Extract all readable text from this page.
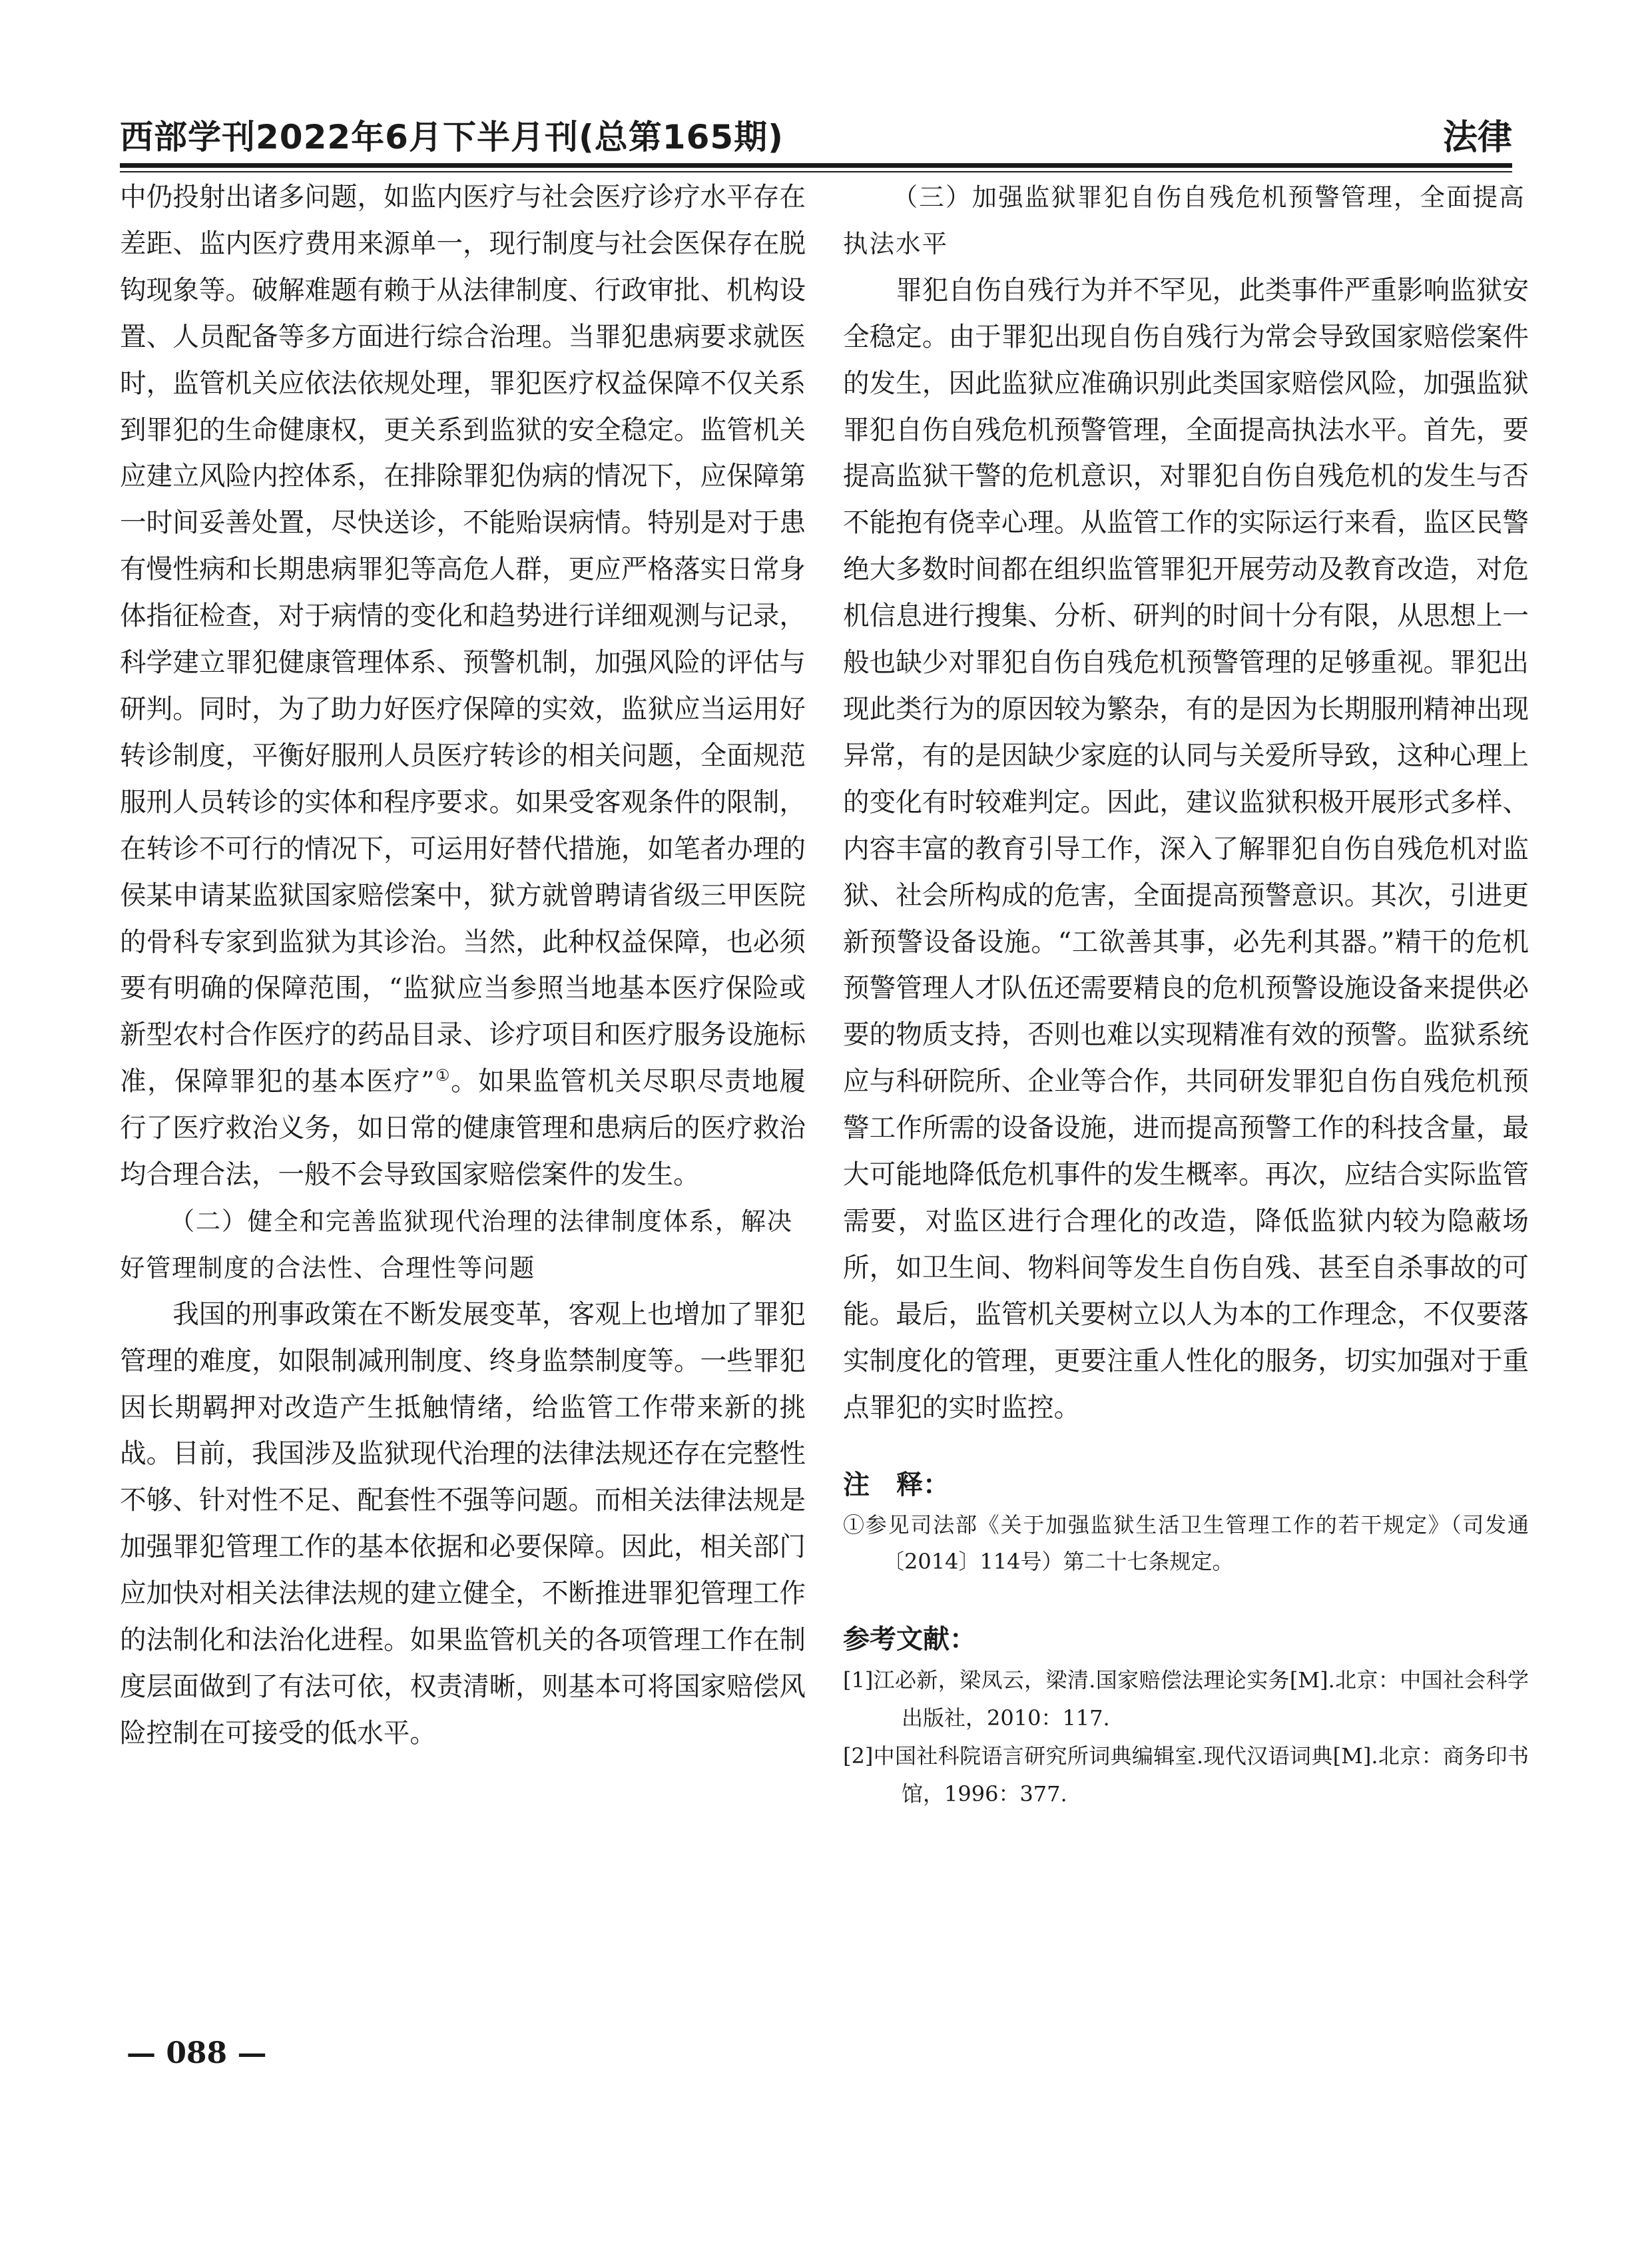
西部学刊2022年6月下半月刊(总第165期)	法律

中仍投射出诸多问题，如监内医疗与社会医疗诊疗水平存在差距、监内医疗费用来源单一，现行制度与社会医保存在脱钩现象等。破解难题有赖于从法律制度、行政审批、机构设置、人员配备等多方面进行综合治理。当罪犯患病要求就医时，监管机关应依法依规处理，罪犯医疗权益保障不仅关系到罪犯的生命健康权，更关系到监狱的安全稳定。监管机关应建立风险内控体系，在排除罪犯伪病的情况下，应保障第一时间妥善处置，尽快送诊，不能贻误病情。特别是对于患有慢性病和长期患病罪犯等高危人群，更应严格落实日常身体指征检查，对于病情的变化和趋势进行详细观测与记录，科学建立罪犯健康管理体系、预警机制，加强风险的评估与研判。同时，为了助力好医疗保障的实效，监狱应当运用好转诊制度，平衡好服刑人员医疗转诊的相关问题，全面规范服刑人员转诊的实体和程序要求。如果受客观条件的限制，在转诊不可行的情况下，可运用好替代措施，如笔者办理的侯某申请某监狱国家赔偿案中，狱方就曾聘请省级三甲医院的骨科专家到监狱为其诊治。当然，此种权益保障，也必须要有明确的保障范围，“监狱应当参照当地基本医疗保险或新型农村合作医疗的药品目录、诊疗项目和医疗服务设施标准，保障罪犯的基本医疗”①。如果监管机关尽职尽责地履行了医疗救治义务，如日常的健康管理和患病后的医疗救治均合理合法，一般不会导致国家赔偿案件的发生。

（二）健全和完善监狱现代治理的法律制度体系，解决好管理制度的合法性、合理性等问题

我国的刑事政策在不断发展变革，客观上也增加了罪犯管理的难度，如限制减刑制度、终身监禁制度等。一些罪犯因长期羁押对改造产生抵触情绪，给监管工作带来新的挑战。目前，我国涉及监狱现代治理的法律法规还存在完整性不够、针对性不足、配套性不强等问题。而相关法律法规是加强罪犯管理工作的基本依据和必要保障。因此，相关部门应加快对相关法律法规的建立健全，不断推进罪犯管理工作的法制化和法治化进程。如果监管机关的各项管理工作在制度层面做到了有法可依，权责清晰，则基本可将国家赔偿风险控制在可接受的低水平。

（三）加强监狱罪犯自伤自残危机预警管理，全面提高执法水平

罪犯自伤自残行为并不罕见，此类事件严重影响监狱安全稳定。由于罪犯出现自伤自残行为常会导致国家赔偿案件的发生，因此监狱应准确识别此类国家赔偿风险，加强监狱罪犯自伤自残危机预警管理，全面提高执法水平。首先，要提高监狱干警的危机意识，对罪犯自伤自残危机的发生与否不能抱有侥幸心理。从监管工作的实际运行来看，监区民警绝大多数时间都在组织监管罪犯开展劳动及教育改造，对危机信息进行搜集、分析、研判的时间十分有限，从思想上一般也缺少对罪犯自伤自残危机预警管理的足够重视。罪犯出现此类行为的原因较为繁杂，有的是因为长期服刑精神出现异常，有的是因缺少家庭的认同与关爱所导致，这种心理上的变化有时较难判定。因此，建议监狱积极开展形式多样、内容丰富的教育引导工作，深入了解罪犯自伤自残危机对监狱、社会所构成的危害，全面提高预警意识。其次，引进更新预警设备设施。“工欲善其事，必先利其器。”精干的危机预警管理人才队伍还需要精良的危机预警设施设备来提供必要的物质支持，否则也难以实现精准有效的预警。监狱系统应与科研院所、企业等合作，共同研发罪犯自伤自残危机预警工作所需的设备设施，进而提高预警工作的科技含量，最大可能地降低危机事件的发生概率。再次，应结合实际监管需要，对监区进行合理化的改造，降低监狱内较为隐蔽场所，如卫生间、物料间等发生自伤自残、甚至自杀事故的可能。最后，监管机关要树立以人为本的工作理念，不仅要落实制度化的管理，更要注重人性化的服务，切实加强对于重点罪犯的实时监控。

注　释：

①参见司法部《关于加强监狱生活卫生管理工作的若干规定》（司发通〔2014〕114号）第二十七条规定。

参考文献：

[1]江必新，梁凤云，梁清.国家赔偿法理论实务[M].北京：中国社会科学出版社，2010：117.

[2]中国社科院语言研究所词典编辑室.现代汉语词典[M].北京：商务印书馆，1996：377.

— 088 —
